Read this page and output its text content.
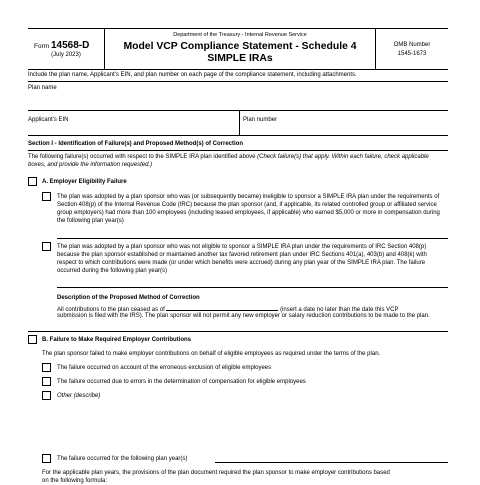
Form 14568-D
(July 2023)
Department of the Treasury - Internal Revenue Service
Model VCP Compliance Statement - Schedule 4
SIMPLE IRAs
OMB Number
1545-1673
Include the plan name, Applicant's EIN, and plan number on each page of the compliance statement, including attachments.
Plan name
Applicant's EIN	Plan number
Section I - Identification of Failure(s) and Proposed Method(s) of Correction
The following failure(s) occurred with respect to the SIMPLE IRA plan identified above (Check failure(s) that apply. Within each failure, check applicable boxes, and provide the information requested.)
A. Employer Eligibility Failure
The plan was adopted by a plan sponsor who was (or subsequently became) ineligible to sponsor a SIMPLE IRA plan under the requirements of Section 408(p) of the Internal Revenue Code (IRC) because the plan sponsor (and, if applicable, its related controlled group or affiliated service group employers) had more than 100 employees (including leased employees, if applicable) who earned $5,000 or more in compensation during the following plan year(s)
The plan was adopted by a plan sponsor who was not eligible to sponsor a SIMPLE IRA plan under the requirements of IRC Section 408(p) because the plan sponsor established or maintained another tax favored retirement plan under IRC Sections 401(a), 403(b) and 408(k) with respect to which contributions were made (or under which benefits were accrued) during any plan year of the SIMPLE IRA plan. The failure occurred during the following plan year(s)
Description of the Proposed Method of Correction
All contributions to the plan ceased as of	(insert a date no later than the date this VCP
submission is filed with the IRS). The plan sponsor will not permit any new employer or salary reduction contributions to be made to the plan.
B. Failure to Make Required Employer Contributions
The plan sponsor failed to make employer contributions on behalf of eligible employees as required under the terms of the plan.
The failure occurred on account of the erroneous exclusion of eligible employees
The failure occurred due to errors in the determination of compensation for eligible employees
Other (describe)
The failure occurred for the following plan year(s)
For the applicable plan years, the provisions of the plan document required the plan sponsor to make employer contributions based
on the following formula:
